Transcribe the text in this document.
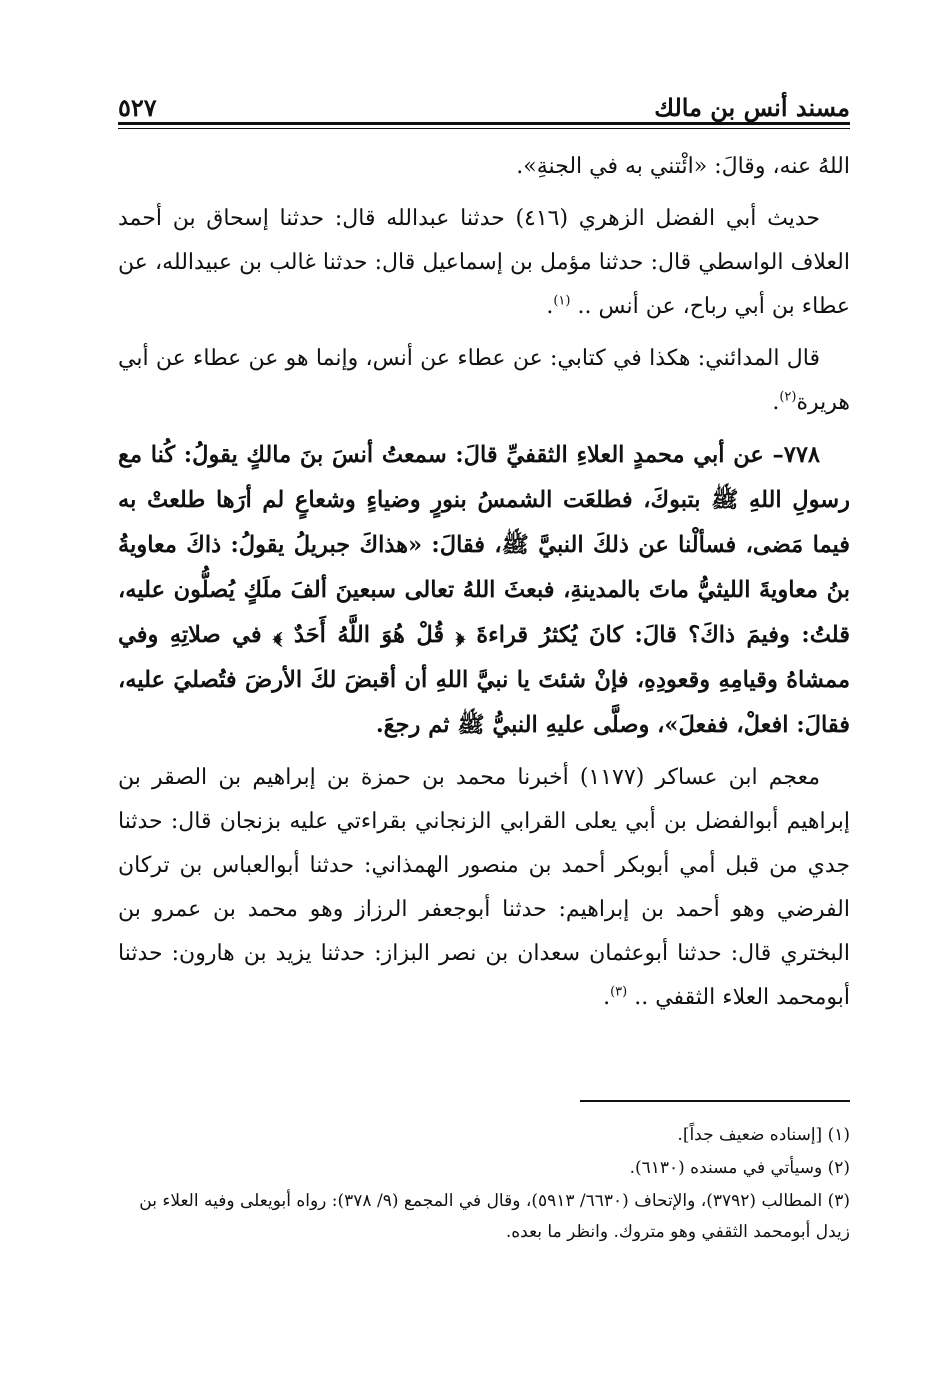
مسند أنس بن مالك
٥٢٧

اللهُ عنه، وقالَ: «ائْتني به في الجنةِ».

حديث أبي الفضل الزهري (٤١٦) حدثنا عبدالله قال: حدثنا إسحاق بن أحمد العلاف الواسطي قال: حدثنا مؤمل بن إسماعيل قال: حدثنا غالب بن عبيدالله، عن عطاء بن أبي رباح، عن أنس .. $^{(١)}$.

قال المدائني: هكذا في كتابي: عن عطاء عن أنس، وإنما هو عن عطاء عن أبي هريرة$^{(٢)}$.

٧٧٨– عن أبي محمدٍ العلاءِ الثقفيِّ قالَ: سمعتُ أنسَ بنَ مالكٍ يقولُ: كُنا مع رسولِ اللهِ ﷺ بتبوكَ، فطلعَت الشمسُ بنورٍ وضياءٍ وشعاعٍ لم أرَها طلعتْ به فيما مَضى، فسألْنا عن ذلكَ النبيَّ ﷺ، فقالَ: «هذاكَ جبريلُ يقولُ: ذاكَ معاويةُ بنُ معاويةَ الليثيُّ ماتَ بالمدينةِ، فبعثَ اللهُ تعالى سبعينَ ألفَ ملَكٍ يُصلُّون عليه، قلتُ: وفيمَ ذاكَ؟ قالَ: كانَ يُكثرُ قراءةَ ﴿ قُلْ هُوَ اللَّهُ أَحَدٌ ﴾ في صلاتِهِ وفي ممشاهُ وقيامِهِ وقعودِهِ، فإنْ شئتَ يا نبيَّ اللهِ أن أقبضَ لكَ الأرضَ فتُصليَ عليه، فقالَ: افعلْ، ففعلَ»، وصلَّى عليهِ النبيُّ ﷺ ثم رجعَ.

معجم ابن عساكر (١١٧٧) أخبرنا محمد بن حمزة بن إبراهيم بن الصقر بن إبراهيم أبوالفضل بن أبي يعلى القرابي الزنجاني بقراءتي عليه بزنجان قال: حدثنا جدي من قبل أمي أبوبكر أحمد بن منصور الهمذاني: حدثنا أبوالعباس بن تركان الفرضي وهو أحمد بن إبراهيم: حدثنا أبوجعفر الرزاز وهو محمد بن عمرو بن البختري قال: حدثنا أبوعثمان سعدان بن نصر البزاز: حدثنا يزيد بن هارون: حدثنا أبومحمد العلاء الثقفي .. $^{(٣)}$.

(١) [إسناده ضعيف جداً].

(٢) وسيأتي في مسنده (٦١٣٠).

(٣) المطالب (٣٧٩٢)، والإتحاف (٦٦٣٠/ ٥٩١٣)، وقال في المجمع (٩/ ٣٧٨): رواه أبويعلى وفيه العلاء بن زيدل أبومحمد الثقفي وهو متروك. وانظر ما بعده.
